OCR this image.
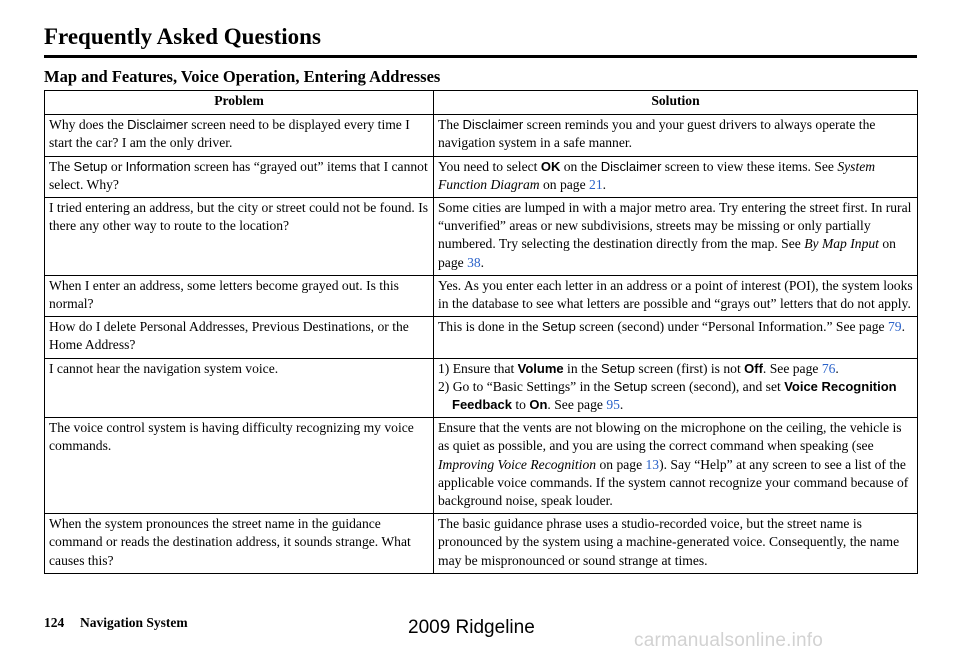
Frequently Asked Questions
Map and Features, Voice Operation, Entering Addresses
Problem	Solution
Why does the Disclaimer screen need to be displayed every time I start the car? I am the only driver.	The Disclaimer screen reminds you and your guest drivers to always operate the navigation system in a safe manner.
The Setup or Information screen has “grayed out” items that I cannot select. Why?	You need to select OK on the Disclaimer screen to view these items. See System Function Diagram on page 21.
I tried entering an address, but the city or street could not be found. Is there any other way to route to the location?	Some cities are lumped in with a major metro area. Try entering the street first. In rural “unverified” areas or new subdivisions, streets may be missing or only partially numbered. Try selecting the destination directly from the map. See By Map Input on page 38.
When I enter an address, some letters become grayed out. Is this normal?	Yes. As you enter each letter in an address or a point of interest (POI), the system looks in the database to see what letters are possible and “grays out” letters that do not apply.
How do I delete Personal Addresses, Previous Destinations, or the Home Address?	This is done in the Setup screen (second) under “Personal Information.” See page 79.
I cannot hear the navigation system voice.	1) Ensure that Volume in the Setup screen (first) is not Off. See page 76.
2) Go to “Basic Settings” in the Setup screen (second), and set Voice Recognition Feedback to On. See page 95.

The voice control system is having difficulty recognizing my voice commands.	Ensure that the vents are not blowing on the microphone on the ceiling, the vehicle is as quiet as possible, and you are using the correct command when speaking (see Improving Voice Recognition on page 13). Say “Help” at any screen to see a list of the applicable voice commands. If the system cannot recognize your command because of background noise, speak louder.
When the system pronounces the street name in the guidance command or reads the destination address, it sounds strange. What causes this?	The basic guidance phrase uses a studio-recorded voice, but the street name is pronounced by the system using a machine-generated voice. Consequently, the name may be mispronounced or sound strange at times.
124 Navigation System	2009 Ridgeline
carmanualsonline.info
